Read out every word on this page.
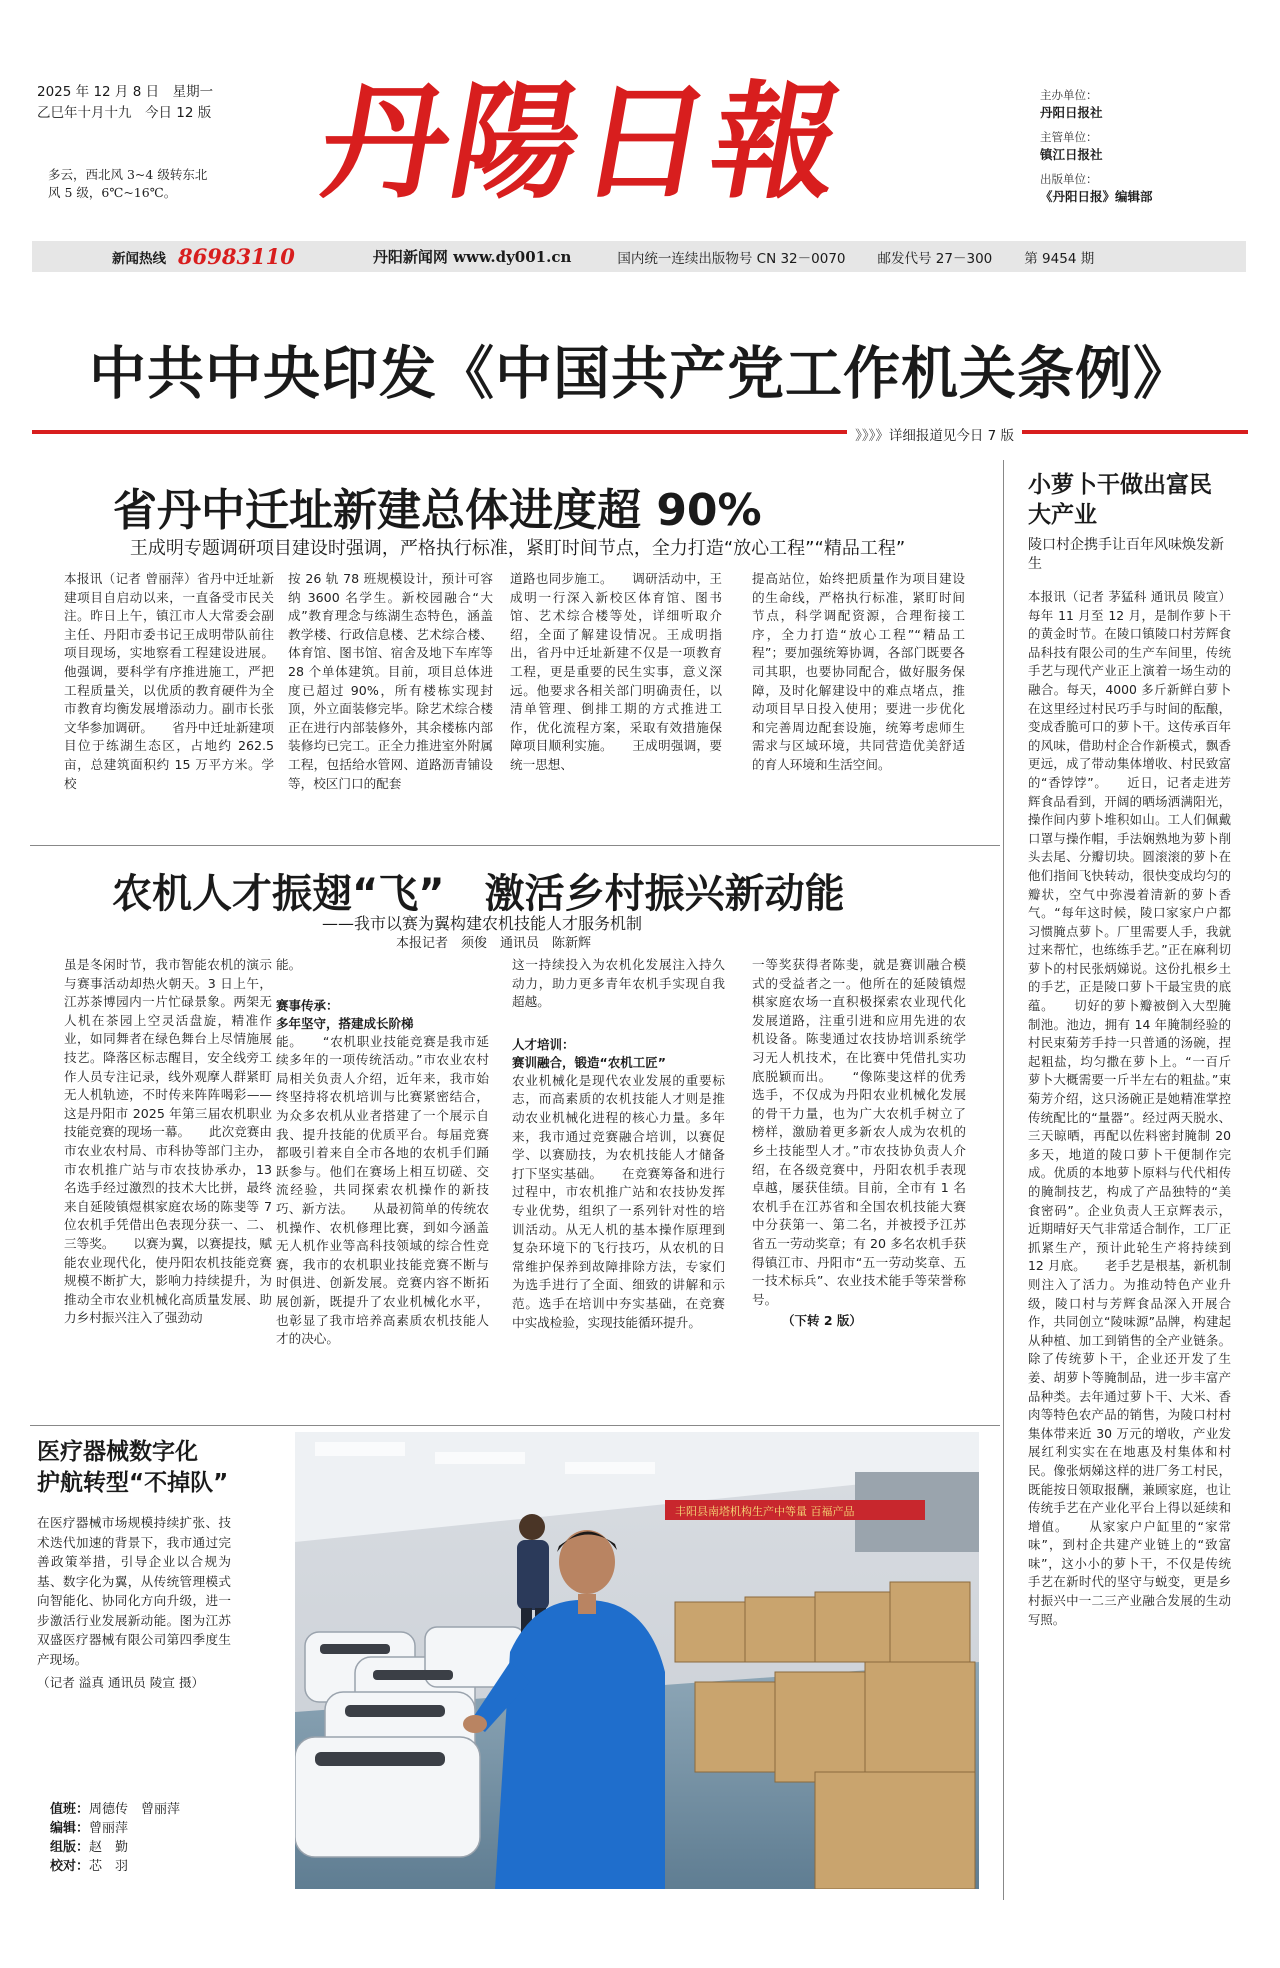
2025 年 12 月 8 日　星期一
乙巳年十月十九　今日 12 版
多云，西北风 3~4 级转东北风 5 级，6℃~16℃。	丹陽日報	主办单位：
丹阳日报社
主管单位：
镇江日报社
出版单位：
《丹阳日报》编辑部
新闻热线 86983110	丹阳新闻网 www.dy001.cn	国内统一连续出版物号 CN 32－0070 邮发代号 27－300 第 9454 期
中共中央印发《中国共产党工作机关条例》
》》》》详细报道见今日 7 版
省丹中迁址新建总体进度超 90%
王成明专题调研项目建设时强调，严格执行标准，紧盯时间节点，全力打造“放心工程”“精品工程”
本报讯（记者 曾丽萍）省丹中迁址新建项目自启动以来，一直备受市民关注。昨日上午，镇江市人大常委会副主任、丹阳市委书记王成明带队前往项目现场，实地察看工程建设进展。他强调，要科学有序推进施工，严把工程质量关，以优质的教育硬件为全市教育均衡发展增添动力。副市长张文华参加调研。　　省丹中迁址新建项目位于练湖生态区，占地约 262.5 亩，总建筑面积约 15 万平方米。学校
按 26 轨 78 班规模设计，预计可容纳 3600 名学生。新校园融合“大成”教育理念与练湖生态特色，涵盖教学楼、行政信息楼、艺术综合楼、体育馆、图书馆、宿舍及地下车库等 28 个单体建筑。目前，项目总体进度已超过 90%，所有楼栋实现封顶，外立面装修完毕。除艺术综合楼正在进行内部装修外，其余楼栋内部装修均已完工。正全力推进室外附属工程，包括给水管网、道路沥青铺设等，校区门口的配套
道路也同步施工。　　调研活动中，王成明一行深入新校区体育馆、图书馆、艺术综合楼等处，详细听取介绍，全面了解建设情况。王成明指出，省丹中迁址新建不仅是一项教育工程，更是重要的民生实事，意义深远。他要求各相关部门明确责任，以清单管理、倒排工期的方式推进工作，优化流程方案，采取有效措施保障项目顺利实施。　　王成明强调，要统一思想、
提高站位，始终把质量作为项目建设的生命线，严格执行标准，紧盯时间节点，科学调配资源，合理衔接工序，全力打造“放心工程”“精品工程”；要加强统筹协调，各部门既要各司其职，也要协同配合，做好服务保障，及时化解建设中的难点堵点，推动项目早日投入使用；要进一步优化和完善周边配套设施，统筹考虑师生需求与区域环境，共同营造优美舒适的育人环境和生活空间。
农机人才振翅“飞”　激活乡村振兴新动能
——我市以赛为翼构建农机技能人才服务机制
本报记者　须俊　通讯员　陈新辉
虽是冬闲时节，我市智能农机的演示与赛事活动却热火朝天。3 日上午，江苏茶博园内一片忙碌景象。两架无人机在茶园上空灵活盘旋，精准作业，如同舞者在绿色舞台上尽情施展技艺。降落区标志醒目，安全线旁工作人员专注记录，线外观摩人群紧盯无人机轨迹，不时传来阵阵喝彩——这是丹阳市 2025 年第三届农机职业技能竞赛的现场一幕。　　此次竞赛由市农业农村局、市科协等部门主办，市农机推广站与市农技协承办，13 名选手经过激烈的技术大比拼，最终来自延陵镇煜棋家庭农场的陈斐等 7 位农机手凭借出色表现分获一、二、三等奖。　　以赛为翼，以赛提技，赋能农业现代化，使丹阳农机技能竞赛规模不断扩大，影响力持续提升，为推动全市农业机械化高质量发展、助力乡村振兴注入了强劲动
能。
赛事传承：
多年坚守，搭建成长阶梯
能。　　“农机职业技能竞赛是我市延续多年的一项传统活动。”市农业农村局相关负责人介绍，近年来，我市始终坚持将农机培训与比赛紧密结合，为众多农机从业者搭建了一个展示自我、提升技能的优质平台。每届竞赛都吸引着来自全市各地的农机手们踊跃参与。他们在赛场上相互切磋、交流经验，共同探索农机操作的新技巧、新方法。　　从最初简单的传统农机操作、农机修理比赛，到如今涵盖无人机作业等高科技领域的综合性竞赛，我市的农机职业技能竞赛不断与时俱进、创新发展。竞赛内容不断拓展创新，既提升了农业机械化水平，也彰显了我市培养高素质农机技能人才的决心。
这一持续投入为农机化发展注入持久动力，助力更多青年农机手实现自我超越。
人才培训：
赛训融合，锻造“农机工匠”
农业机械化是现代农业发展的重要标志，而高素质的农机技能人才则是推动农业机械化进程的核心力量。多年来，我市通过竞赛融合培训，以赛促学、以赛励技，为农机技能人才储备打下坚实基础。　　在竞赛筹备和进行过程中，市农机推广站和农技协发挥专业优势，组织了一系列针对性的培训活动。从无人机的基本操作原理到复杂环境下的飞行技巧，从农机的日常维护保养到故障排除方法，专家们为选手进行了全面、细致的讲解和示范。选手在培训中夯实基础，在竞赛中实战检验，实现技能循环提升。
一等奖获得者陈斐，就是赛训融合模式的受益者之一。他所在的延陵镇煜棋家庭农场一直积极探索农业现代化发展道路，注重引进和应用先进的农机设备。陈斐通过农技协培训系统学习无人机技术，在比赛中凭借扎实功底脱颖而出。　　“像陈斐这样的优秀选手，不仅成为丹阳农业机械化发展的骨干力量，也为广大农机手树立了榜样，激励着更多新农人成为农机的乡土技能型人才。”市农技协负责人介绍，在各级竞赛中，丹阳农机手表现卓越，屡获佳绩。目前，全市有 1 名农机手在江苏省和全国农机技能大赛中分获第一、第二名，并被授予江苏省五一劳动奖章；有 20 多名农机手获得镇江市、丹阳市“五一劳动奖章、五一技术标兵”、农业技术能手等荣誉称号。
（下转 2 版）
小萝卜干做出富民大产业
陵口村企携手让百年风味焕发新生
本报讯（记者 茅猛科 通讯员 陵宣）每年 11 月至 12 月，是制作萝卜干的黄金时节。在陵口镇陵口村芳辉食品科技有限公司的生产车间里，传统手艺与现代产业正上演着一场生动的融合。每天，4000 多斤新鲜白萝卜在这里经过村民巧手与时间的酝酿，变成香脆可口的萝卜干。这传承百年的风味，借助村企合作新模式，飘香更远，成了带动集体增收、村民致富的“香饽饽”。　　近日，记者走进芳辉食品看到，开阔的晒场洒满阳光，操作间内萝卜堆积如山。工人们佩戴口罩与操作帽，手法娴熟地为萝卜削头去尾、分瓣切块。圆滚滚的萝卜在他们指间飞快转动，很快变成均匀的瓣状，空气中弥漫着清新的萝卜香气。“每年这时候，陵口家家户户都习惯腌点萝卜。厂里需要人手，我就过来帮忙，也练练手艺。”正在麻利切萝卜的村民张炳娣说。这份扎根乡土的手艺，正是陵口萝卜干最宝贵的底蕴。　　切好的萝卜瓣被倒入大型腌制池。池边，拥有 14 年腌制经验的村民束菊芳手持一只普通的汤碗，捏起粗盐，均匀撒在萝卜上。“一百斤萝卜大概需要一斤半左右的粗盐。”束菊芳介绍，这只汤碗正是她精准掌控传统配比的“量器”。经过两天脱水、三天晾晒，再配以佐料密封腌制 20 多天，地道的陵口萝卜干便制作完成。优质的本地萝卜原料与代代相传的腌制技艺，构成了产品独特的“美食密码”。企业负责人王京辉表示，近期晴好天气非常适合制作，工厂正抓紧生产，预计此轮生产将持续到 12 月底。　　老手艺是根基，新机制则注入了活力。为推动特色产业升级，陵口村与芳辉食品深入开展合作，共同创立“陵味源”品牌，构建起从种植、加工到销售的全产业链条。除了传统萝卜干，企业还开发了生姜、胡萝卜等腌制品，进一步丰富产品种类。去年通过萝卜干、大米、香肉等特色农产品的销售，为陵口村村集体带来近 30 万元的增收，产业发展红利实实在在地惠及村集体和村民。像张炳娣这样的进厂务工村民，既能按日领取报酬，兼顾家庭，也让传统手艺在产业化平台上得以延续和增值。　　从家家户户缸里的“家常味”，到村企共建产业链上的“致富味”，这小小的萝卜干，不仅是传统手艺在新时代的坚守与蜕变，更是乡村振兴中一二三产业融合发展的生动写照。
医疗器械数字化
护航转型“不掉队”
在医疗器械市场规模持续扩张、技术迭代加速的背景下，我市通过完善政策举措，引导企业以合规为基、数字化为翼，从传统管理模式向智能化、协同化方向升级，进一步激活行业发展新动能。图为江苏双盛医疗器械有限公司第四季度生产现场。
（记者 溢真 通讯员 陵宣 摄）
丰阳县南塔机构生产中等量 百福产品
值班：周德传　曾丽萍
编辑：曾丽萍
组版：赵　勤
校对：芯　羽
